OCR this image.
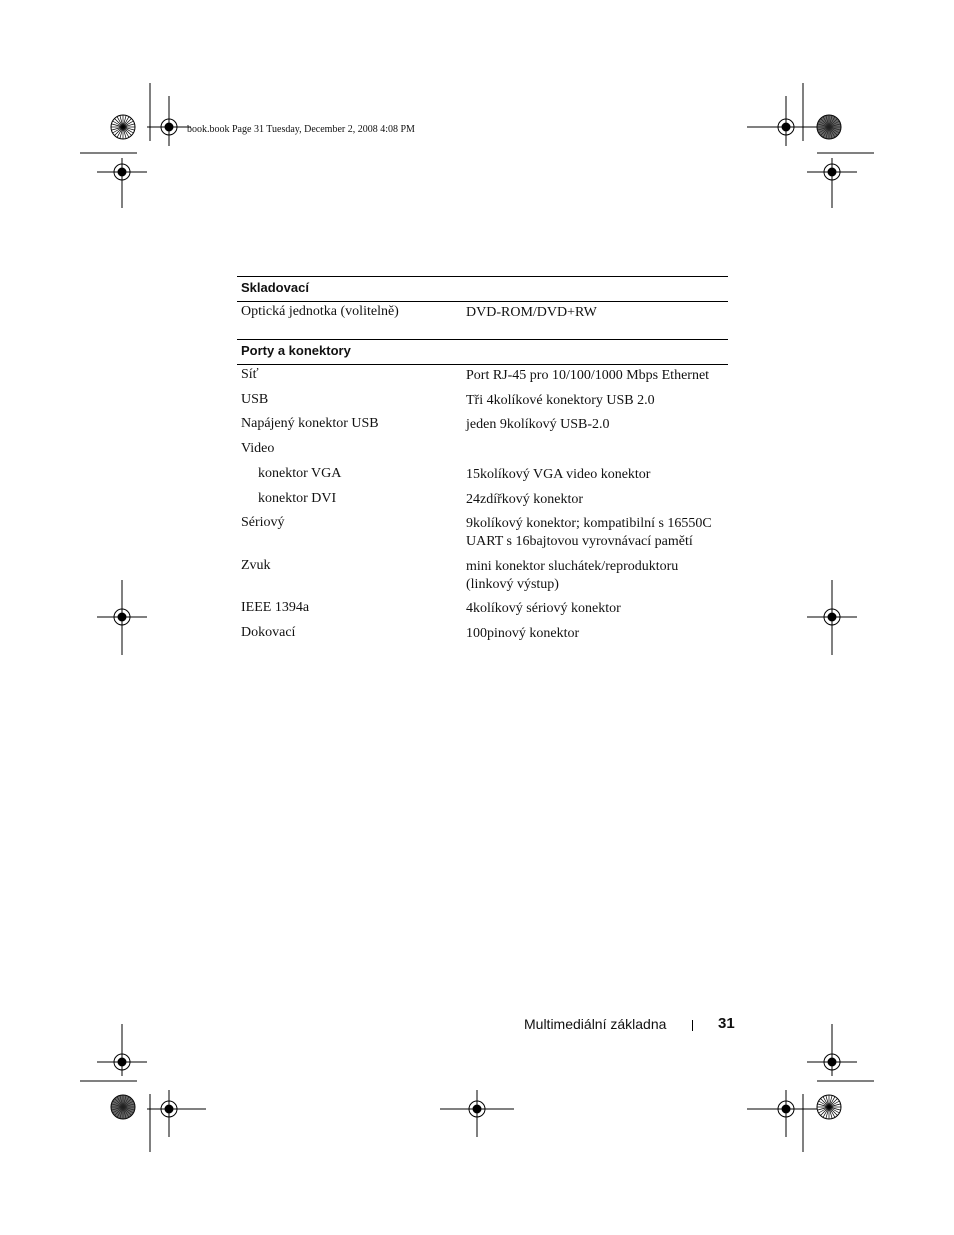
book.book Page 31 Tuesday, December 2, 2008 4:08 PM
Skladovací
Optická jednotka (volitelně)	DVD-ROM/DVD+RW
Porty a konektory
Síť	Port RJ-45 pro 10/100/1000 Mbps Ethernet
USB	Tři 4kolíkové konektory USB 2.0
Napájený konektor USB	jeden 9kolíkový USB-2.0
Video
konektor VGA	15kolíkový VGA video konektor
konektor DVI	24zdířkový konektor
Sériový	9kolíkový konektor; kompatibilní s 16550C UART s 16bajtovou vyrovnávací pamětí
Zvuk	mini konektor sluchátek/reproduktoru (linkový výstup)
IEEE 1394a	4kolíkový sériový konektor
Dokovací	100pinový konektor
Multimediální základna	31
